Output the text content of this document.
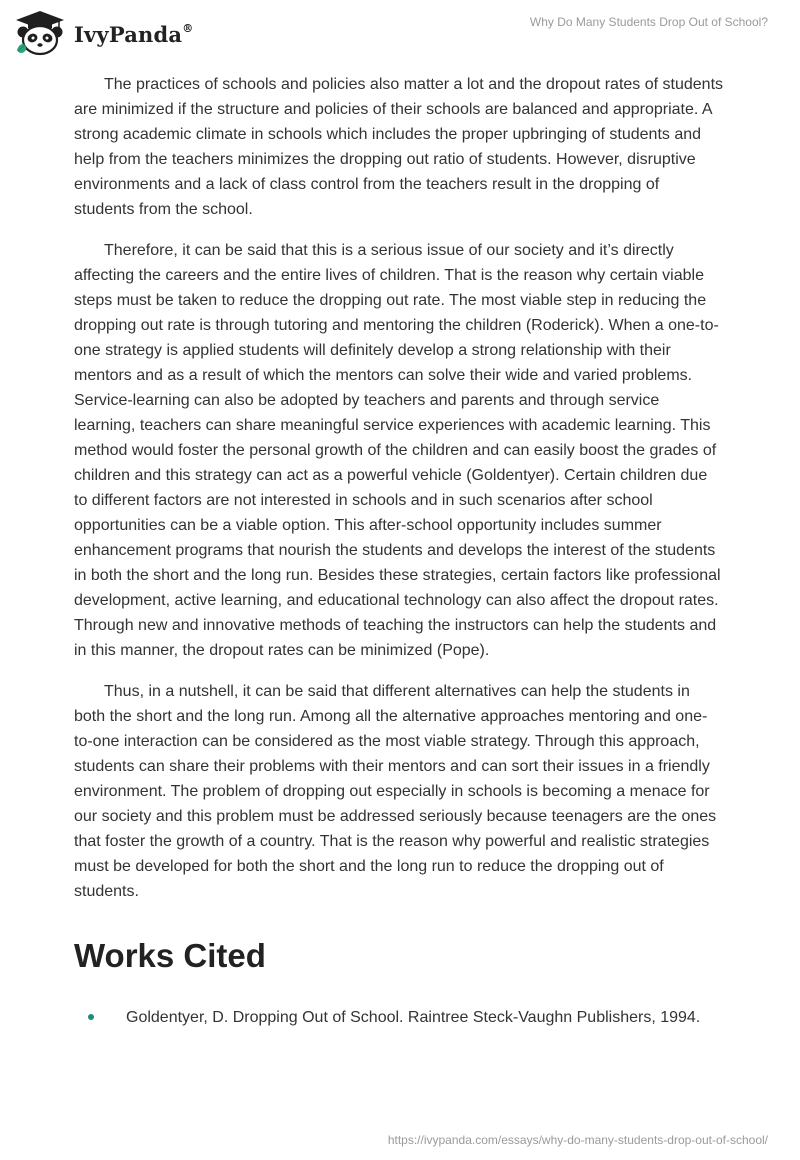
IvyPanda®	Why Do Many Students Drop Out of School?

The practices of schools and policies also matter a lot and the dropout rates of students are minimized if the structure and policies of their schools are balanced and appropriate. A strong academic climate in schools which includes the proper upbringing of students and help from the teachers minimizes the dropping out ratio of students. However, disruptive environments and a lack of class control from the teachers result in the dropping of students from the school.

Therefore, it can be said that this is a serious issue of our society and it’s directly affecting the careers and the entire lives of children. That is the reason why certain viable steps must be taken to reduce the dropping out rate. The most viable step in reducing the dropping out rate is through tutoring and mentoring the children (Roderick). When a one-to-one strategy is applied students will definitely develop a strong relationship with their mentors and as a result of which the mentors can solve their wide and varied problems. Service-learning can also be adopted by teachers and parents and through service learning, teachers can share meaningful service experiences with academic learning. This method would foster the personal growth of the children and can easily boost the grades of children and this strategy can act as a powerful vehicle (Goldentyer). Certain children due to different factors are not interested in schools and in such scenarios after school opportunities can be a viable option. This after-school opportunity includes summer enhancement programs that nourish the students and develops the interest of the students in both the short and the long run. Besides these strategies, certain factors like professional development, active learning, and educational technology can also affect the dropout rates. Through new and innovative methods of teaching the instructors can help the students and in this manner, the dropout rates can be minimized (Pope).

Thus, in a nutshell, it can be said that different alternatives can help the students in both the short and the long run. Among all the alternative approaches mentoring and one-to-one interaction can be considered as the most viable strategy. Through this approach, students can share their problems with their mentors and can sort their issues in a friendly environment. The problem of dropping out especially in schools is becoming a menace for our society and this problem must be addressed seriously because teenagers are the ones that foster the growth of a country. That is the reason why powerful and realistic strategies must be developed for both the short and the long run to reduce the dropping out of students.

Works Cited
Goldentyer, D. Dropping Out of School. Raintree Steck-Vaughn Publishers, 1994.
https://ivypanda.com/essays/why-do-many-students-drop-out-of-school/
